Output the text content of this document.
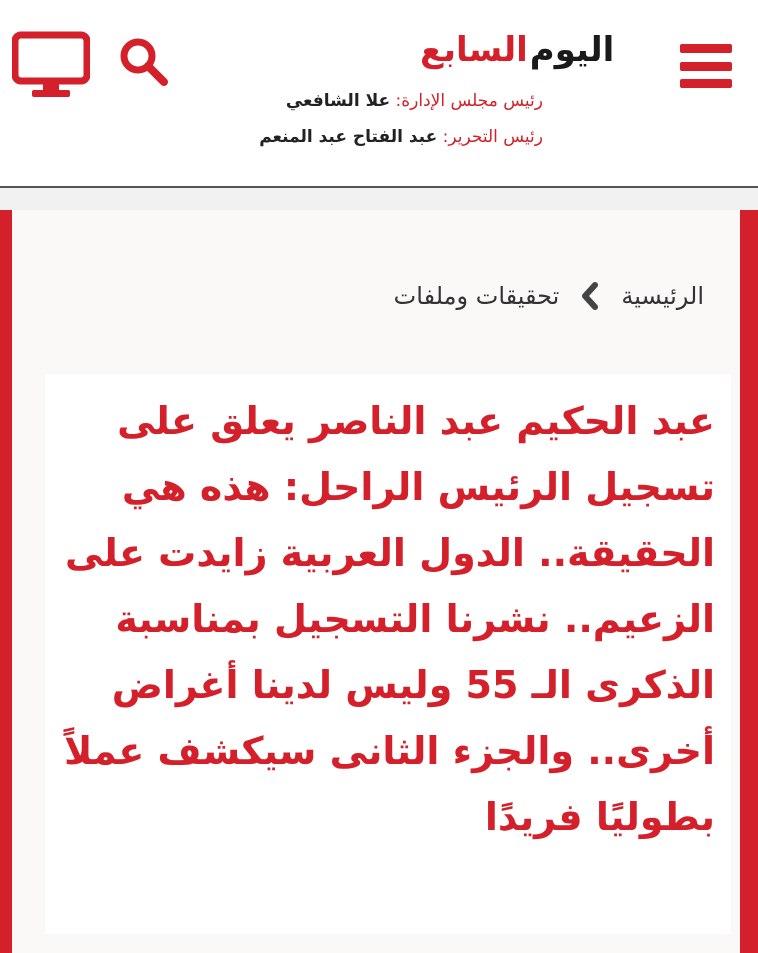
اليوم
السابع
رئيس مجلس الإدارة: علا الشافعي
رئيس التحرير: عبد الفتاح عبد المنعم
الرئيسية
تحقيقات وملفات
عبد الحكيم عبد الناصر يعلق على تسجيل الرئيس الراحل: هذه هي الحقيقة.. الدول العربية زايدت على الزعيم.. نشرنا التسجيل بمناسبة الذكرى الـ 55 وليس لدينا أغراض أخرى.. والجزء الثانى سيكشف عملاً بطوليًا فريدًا
